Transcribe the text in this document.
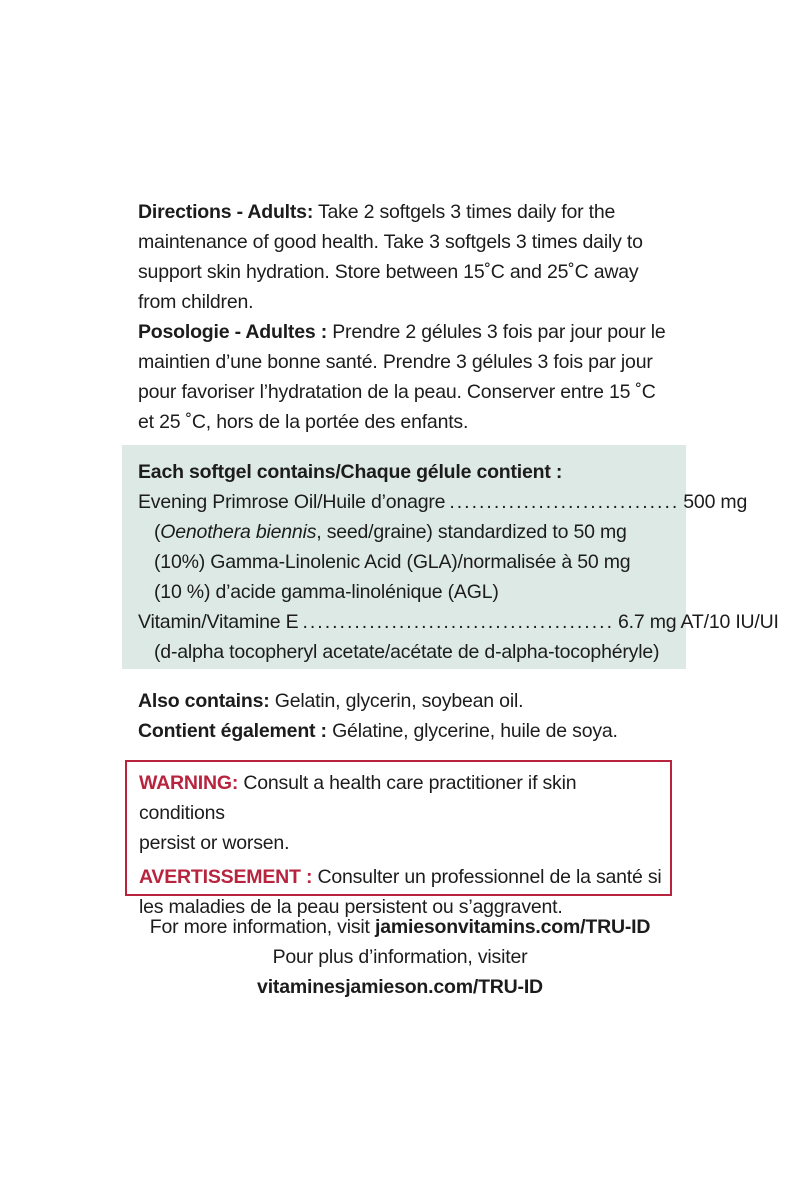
Directions - Adults: Take 2 softgels 3 times daily for the
maintenance of good health. Take 3 softgels 3 times daily to
support skin hydration. Store between 15˚C and 25˚C away
from children.
Posologie - Adultes : Prendre 2 gélules 3 fois par jour pour le
maintien d’une bonne santé. Prendre 3 gélules 3 fois par jour
pour favoriser l’hydratation de la peau. Conserver entre 15 ˚C
et 25 ˚C, hors de la portée des enfants.
Each softgel contains/Chaque gélule contient :
Evening Primrose Oil/Huile d’onagre ............................... 500 mg
(Oenothera biennis, seed/graine) standardized to 50 mg
(10%) Gamma-Linolenic Acid (GLA)/normalisée à 50 mg
(10 %) d’acide gamma-linolénique (AGL)
Vitamin/Vitamine E .......................................... 6.7 mg AT/10 IU/UI
(d-alpha tocopheryl acetate/acétate de d-alpha-tocophéryle)
Also contains: Gelatin, glycerin, soybean oil.
Contient également : Gélatine, glycerine, huile de soya.
WARNING: Consult a health care practitioner if skin conditions
persist or worsen.
AVERTISSEMENT : Consulter un professionnel de la santé si
les maladies de la peau persistent ou s’aggravent.
For more information, visit jamiesonvitamins.com/TRU-ID
Pour plus d’information, visiter
vitaminesjamieson.com/TRU-ID
